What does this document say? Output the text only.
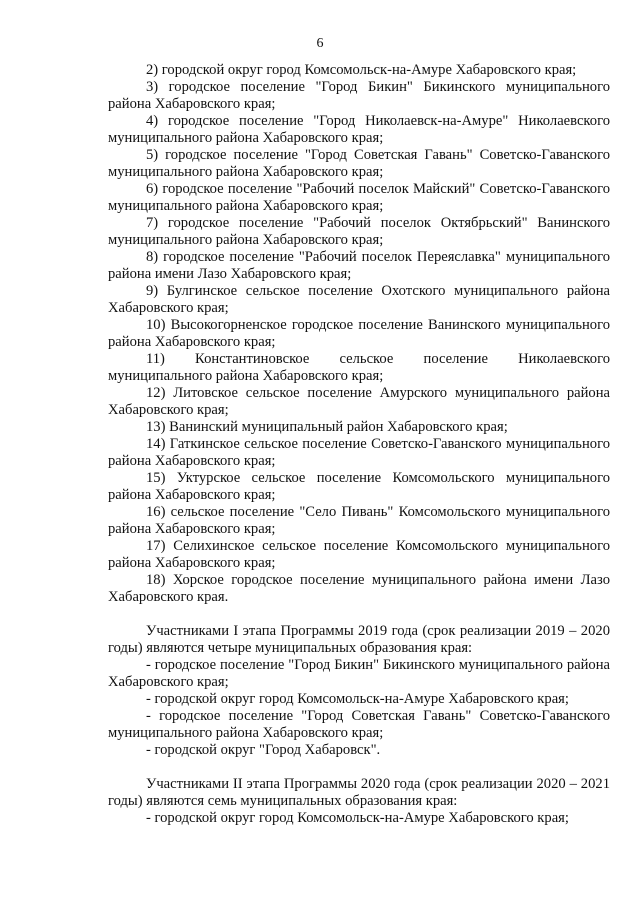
6

2) городской округ город Комсомольск-на-Амуре Хабаровского края;

3) городское поселение "Город Бикин" Бикинского муниципального района Хабаровского края;

4) городское поселение "Город Николаевск-на-Амуре" Николаевского муниципального района Хабаровского края;

5) городское поселение "Город Советская Гавань" Советско-Гаванского муниципального района Хабаровского края;

6) городское поселение "Рабочий поселок Майский" Советско-Гаванского муниципального района Хабаровского края;

7) городское поселение "Рабочий поселок Октябрьский" Ванинского муниципального района Хабаровского края;

8) городское поселение "Рабочий поселок Переяславка" муниципального района имени Лазо Хабаровского края;

9) Булгинское сельское поселение Охотского муниципального района Хабаровского края;

10) Высокогорненское городское поселение Ванинского муниципального района Хабаровского края;

11) Константиновское сельское поселение Николаевского муниципального района Хабаровского края;

12) Литовское сельское поселение Амурского муниципального района Хабаровского края;

13) Ванинский муниципальный район Хабаровского края;

14) Гаткинское сельское поселение Советско-Гаванского муниципального района Хабаровского края;

15) Уктурское сельское поселение Комсомольского муниципального района Хабаровского края;

16) сельское поселение "Село Пивань" Комсомольского муниципального района Хабаровского края;

17) Селихинское сельское поселение Комсомольского муниципального района Хабаровского края;

18) Хорское городское поселение муниципального района имени Лазо Хабаровского края.

Участниками I этапа Программы 2019 года (срок реализации 2019 – 2020 годы) являются четыре муниципальных образования края:

- городское поселение "Город Бикин" Бикинского муниципального района Хабаровского края;

- городской округ город Комсомольск-на-Амуре Хабаровского края;

- городское поселение "Город Советская Гавань" Советско-Гаванского муниципального района Хабаровского края;

- городской округ "Город Хабаровск".

Участниками II этапа Программы 2020 года (срок реализации 2020 – 2021 годы) являются семь муниципальных образования края:

- городской округ город Комсомольск-на-Амуре Хабаровского края;
